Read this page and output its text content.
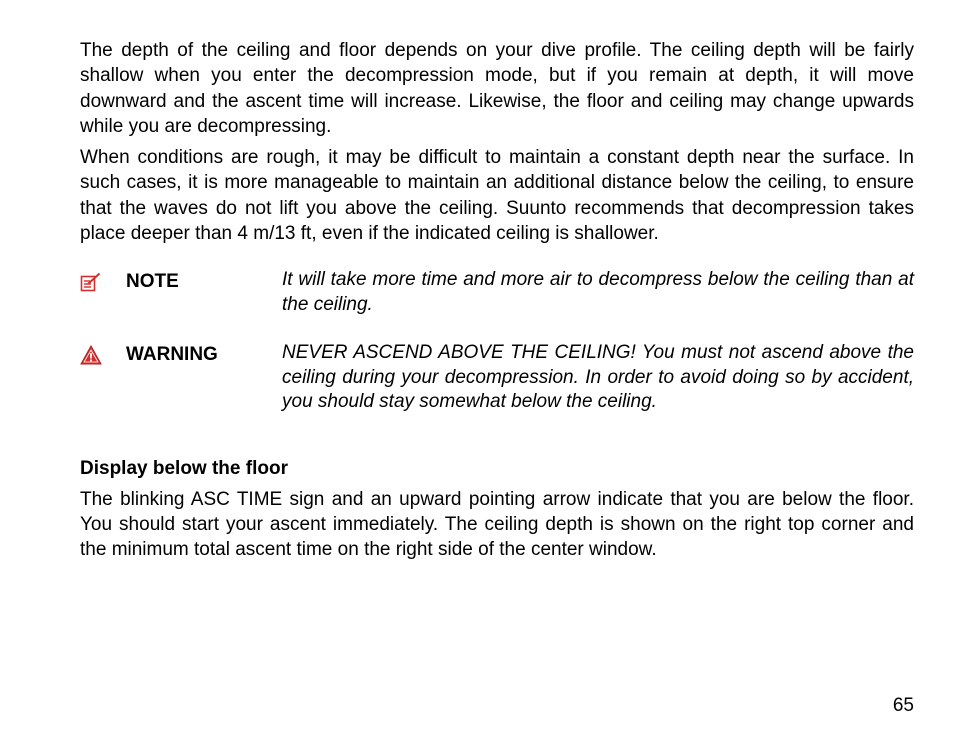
The depth of the ceiling and floor depends on your dive profile. The ceiling depth will be fairly shallow when you enter the decompression mode, but if you remain at depth, it will move downward and the ascent time will increase. Likewise, the floor and ceiling may change upwards while you are decompressing.

When conditions are rough, it may be difficult to maintain a constant depth near the surface. In such cases, it is more manageable to maintain an additional distance below the ceiling, to ensure that the waves do not lift you above the ceiling. Suunto recommends that decompression takes place deeper than 4 m/13 ft, even if the indicated ceiling is shallower.

NOTE	It will take more time and more air to decompress below the ceiling than at the ceiling.

WARNING	NEVER ASCEND ABOVE THE CEILING! You must not ascend above the ceiling during your decompression. In order to avoid doing so by accident, you should stay somewhat below the ceiling.

Display below the floor

The blinking ASC TIME sign and an upward pointing arrow indicate that you are below the floor. You should start your ascent immediately. The ceiling depth is shown on the right top corner and the minimum total ascent time on the right side of the center window.

65
